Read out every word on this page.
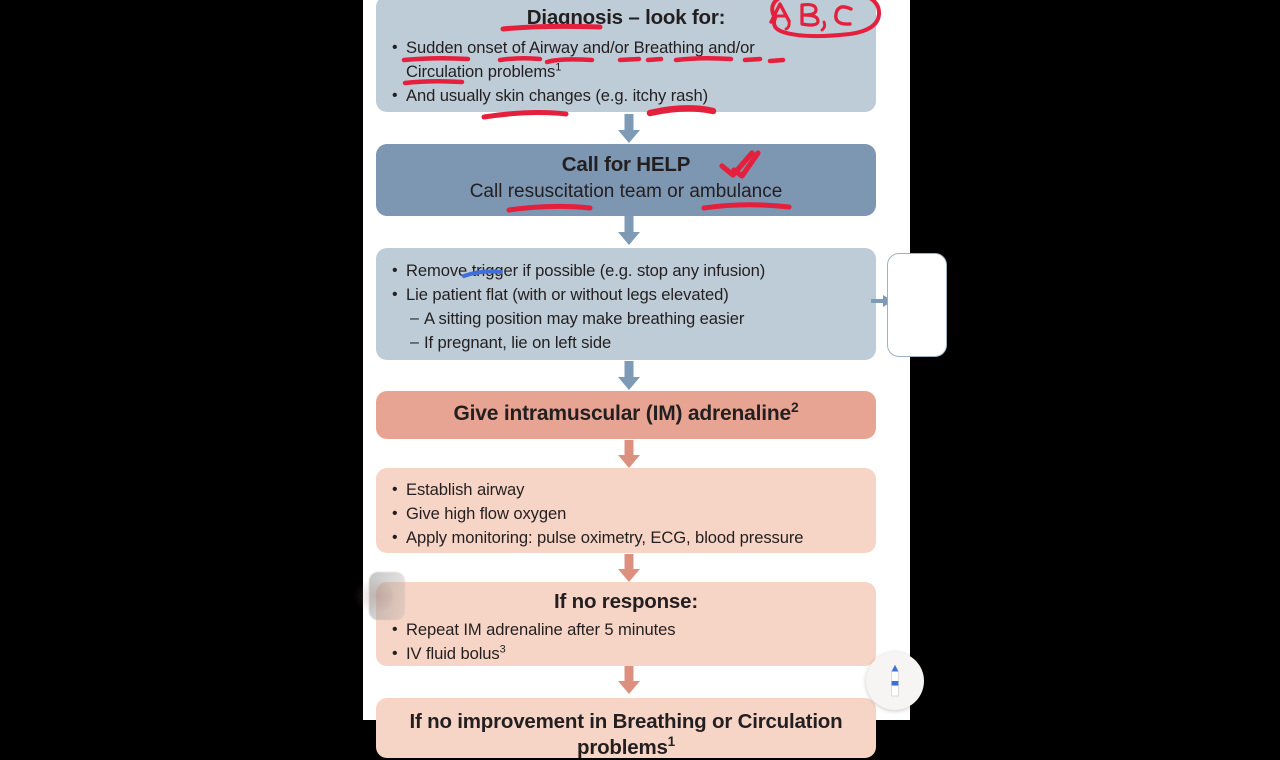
Diagnosis – look for:
• Sudden onset of Airway and/or Breathing and/or
Circulation problems$^1$
• And usually skin changes (e.g. itchy rash)
Call for HELP
Call resuscitation team or ambulance
• Remove trigger if possible (e.g. stop any infusion)
• Lie patient flat (with or without legs elevated)
– A sitting position may make breathing easier
– If pregnant, lie on left side
Give intramuscular (IM) adrenaline$^2$
• Establish airway
• Give high flow oxygen
• Apply monitoring: pulse oximetry, ECG, blood pressure
If no response:
• Repeat IM adrenaline after 5 minutes
• IV fluid bolus$^3$
If no improvement in Breathing or Circulation problems$^1$
